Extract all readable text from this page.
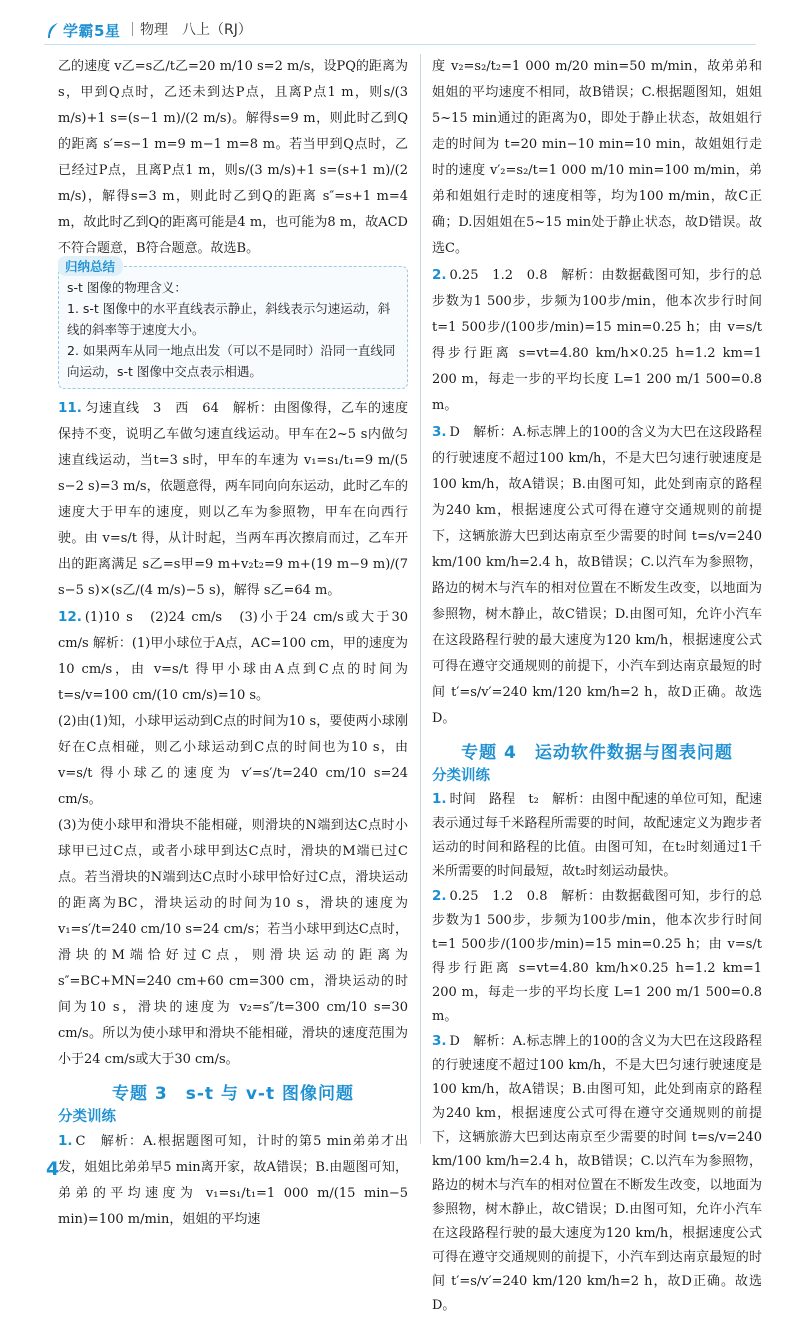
学霸5星 物理　八上（RJ）

乙的速度 v乙=s乙/t乙=20 m/10 s=2 m/s，设PQ的距离为s，甲到Q点时，乙还未到达P点，且离P点1 m，则s/(3 m/s)+1 s=(s−1 m)/(2 m/s)。解得s=9 m，则此时乙到Q的距离 s′=s−1 m=9 m−1 m=8 m。若当甲到Q点时，乙已经过P点，且离P点1 m，则s/(3 m/s)+1 s=(s+1 m)/(2 m/s)，解得s=3 m，则此时乙到Q的距离 s″=s+1 m=4 m，故此时乙到Q的距离可能是4 m，也可能为8 m，故ACD不符合题意，B符合题意。故选B。

归纳总结
s-t 图像的物理含义：
1. s-t 图像中的水平直线表示静止，斜线表示匀速运动，斜线的斜率等于速度大小。
2. 如果两车从同一地点出发（可以不是同时）沿同一直线同向运动，s-t 图像中交点表示相遇。

11. 匀速直线　3　西　64　解析：由图像得，乙车的速度保持不变，说明乙车做匀速直线运动。甲车在2~5 s内做匀速直线运动，当t=3 s时，甲车的车速为 v₁=s₁/t₁=9 m/(5 s−2 s)=3 m/s，依题意得，两车同向向东运动，此时乙车的速度大于甲车的速度，则以乙车为参照物，甲车在向西行驶。由 v=s/t 得，从计时起，当两车再次擦肩而过，乙车开出的距离满足 s乙=s甲=9 m+v₂t₂=9 m+(19 m−9 m)/(7 s−5 s)×(s乙/(4 m/s)−5 s)，解得 s乙=64 m。

12. (1)10 s　(2)24 cm/s　(3)小于24 cm/s或大于30 cm/s 解析：(1)甲小球位于A点，AC=100 cm，甲的速度为10 cm/s，由 v=s/t 得甲小球由A点到C点的时间为 t=s/v=100 cm/(10 cm/s)=10 s。

(2)由(1)知，小球甲运动到C点的时间为10 s，要使两小球刚好在C点相碰，则乙小球运动到C点的时间也为10 s，由 v=s/t 得小球乙的速度为 v′=s′/t=240 cm/10 s=24 cm/s。

(3)为使小球甲和滑块不能相碰，则滑块的N端到达C点时小球甲已过C点，或者小球甲到达C点时，滑块的M端已过C点。若当滑块的N端到达C点时小球甲恰好过C点，滑块运动的距离为BC，滑块运动的时间为10 s，滑块的速度为 v₁=s′/t=240 cm/10 s=24 cm/s；若当小球甲到达C点时，滑块的M端恰好过C点，则滑块运动的距离为 s″=BC+MN=240 cm+60 cm=300 cm，滑块运动的时间为10 s，滑块的速度为 v₂=s″/t=300 cm/10 s=30 cm/s。所以为使小球甲和滑块不能相碰，滑块的速度范围为小于24 cm/s或大于30 cm/s。

专题 3　s-t 与 v-t 图像问题
分类训练

1. C　解析：A.根据题图可知，计时的第5 min弟弟才出发，姐姐比弟弟早5 min离开家，故A错误；B.由题图可知，弟弟的平均速度为 v₁=s₁/t₁=1 000 m/(15 min−5 min)=100 m/min，姐姐的平均速

度 v₂=s₂/t₂=1 000 m/20 min=50 m/min，故弟弟和姐姐的平均速度不相同，故B错误；C.根据题图知，姐姐5~15 min通过的距离为0，即处于静止状态，故姐姐行走的时间为 t=20 min−10 min=10 min，故姐姐行走时的速度 v′₂=s₂/t=1 000 m/10 min=100 m/min，弟弟和姐姐行走时的速度相等，均为100 m/min，故C正确；D.因姐姐在5~15 min处于静止状态，故D错误。故选C。

2. 0.25　1.2　0.8　解析：由数据截图可知，步行的总步数为1 500步，步频为100步/min，他本次步行时间 t=1 500步/(100步/min)=15 min=0.25 h；由 v=s/t 得步行距离 s=vt=4.80 km/h×0.25 h=1.2 km=1 200 m，每走一步的平均长度 L=1 200 m/1 500=0.8 m。

3. D　解析：A.标志牌上的100的含义为大巴在这段路程的行驶速度不超过100 km/h，不是大巴匀速行驶速度是100 km/h，故A错误；B.由图可知，此处到南京的路程为240 km，根据速度公式可得在遵守交通规则的前提下，这辆旅游大巴到达南京至少需要的时间 t=s/v=240 km/100 km/h=2.4 h，故B错误；C.以汽车为参照物，路边的树木与汽车的相对位置在不断发生改变，以地面为参照物，树木静止，故C错误；D.由图可知，允许小汽车在这段路程行驶的最大速度为120 km/h，根据速度公式可得在遵守交通规则的前提下，小汽车到达南京最短的时间 t′=s/v′=240 km/120 km/h=2 h，故D正确。故选D。

专题 4　运动软件数据与图表问题
分类训练

1. 时间　路程　t₂　解析：由图中配速的单位可知，配速表示通过每千米路程所需要的时间，故配速定义为跑步者运动的时间和路程的比值。由图可知，在t₂时刻通过1千米所需要的时间最短，故t₂时刻运动最快。

2. 0.25　1.2　0.8　解析：由数据截图可知，步行的总步数为1 500步，步频为100步/min，他本次步行时间 t=1 500步/(100步/min)=15 min=0.25 h；由 v=s/t 得步行距离 s=vt=4.80 km/h×0.25 h=1.2 km=1 200 m，每走一步的平均长度 L=1 200 m/1 500=0.8 m。

3. D　解析：A.标志牌上的100的含义为大巴在这段路程的行驶速度不超过100 km/h，不是大巴匀速行驶速度是100 km/h，故A错误；B.由图可知，此处到南京的路程为240 km，根据速度公式可得在遵守交通规则的前提下，这辆旅游大巴到达南京至少需要的时间 t=s/v=240 km/100 km/h=2.4 h，故B错误；C.以汽车为参照物，路边的树木与汽车的相对位置在不断发生改变，以地面为参照物，树木静止，故C错误；D.由图可知，允许小汽车在这段路程行驶的最大速度为120 km/h，根据速度公式可得在遵守交通规则的前提下，小汽车到达南京最短的时间 t′=s/v′=240 km/120 km/h=2 h，故D正确。故选D。

4
